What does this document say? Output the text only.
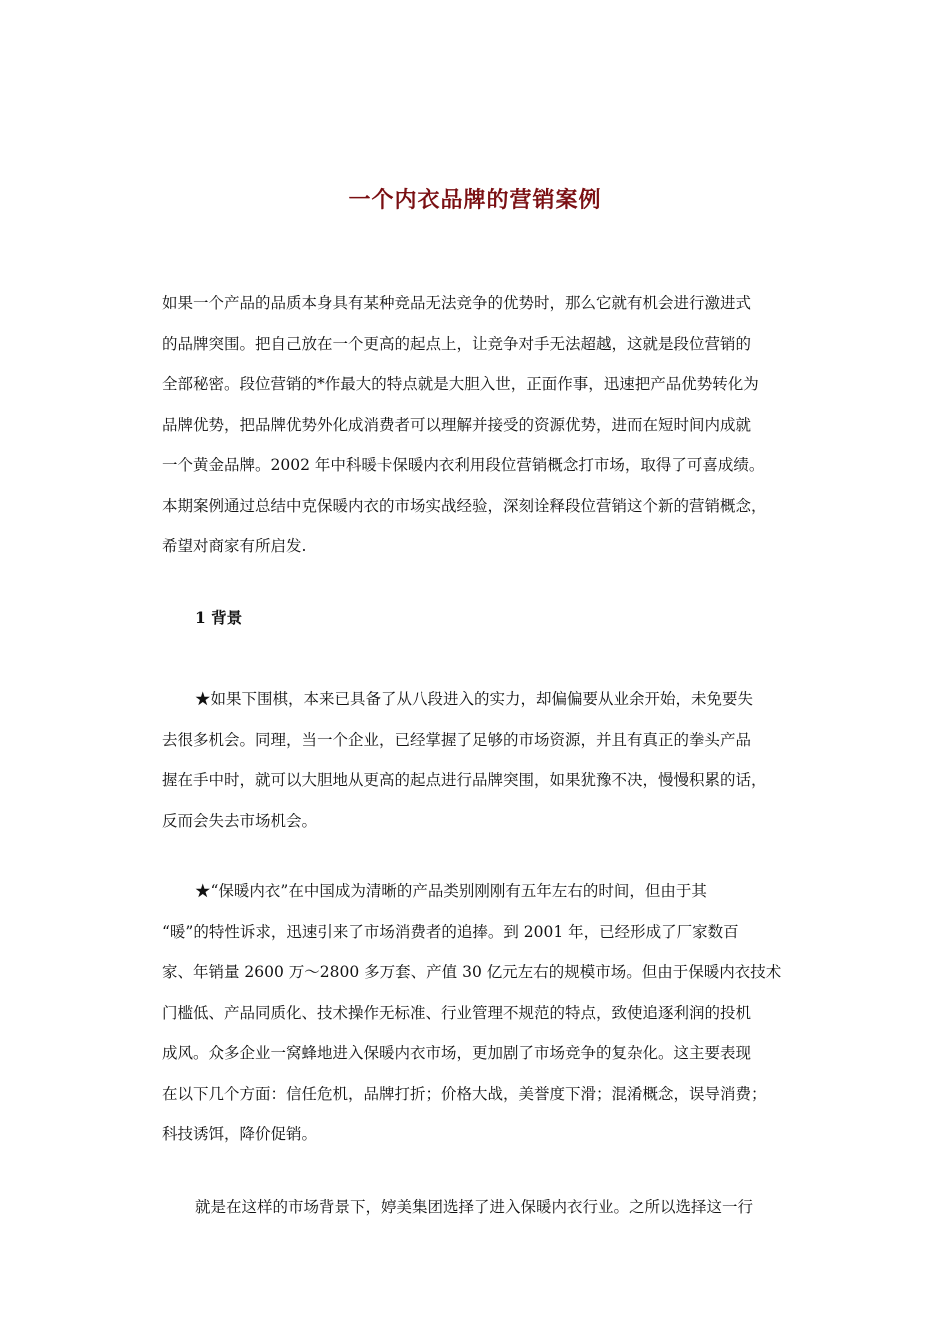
一个内衣品牌的营销案例
如果一个产品的品质本身具有某种竞品无法竞争的优势时，那么它就有机会进行激进式
的品牌突围。把自己放在一个更高的起点上，让竞争对手无法超越，这就是段位营销的
全部秘密。段位营销的*作最大的特点就是大胆入世，正面作事，迅速把产品优势转化为
品牌优势，把品牌优势外化成消费者可以理解并接受的资源优势，进而在短时间内成就
一个黄金品牌。2002 年中科暖卡保暖内衣利用段位营销概念打市场，取得了可喜成绩。
本期案例通过总结中克保暖内衣的市场实战经验，深刻诠释段位营销这个新的营销概念，
希望对商家有所启发.
1 背景
★如果下围棋，本来已具备了从八段进入的实力，却偏偏要从业余开始，未免要失
去很多机会。同理，当一个企业，已经掌握了足够的市场资源，并且有真正的拳头产品
握在手中时，就可以大胆地从更高的起点进行品牌突围，如果犹豫不决，慢慢积累的话，
反而会失去市场机会。
★“保暖内衣”在中国成为清晰的产品类别刚刚有五年左右的时间，但由于其
“暖”的特性诉求，迅速引来了市场消费者的追捧。到 2001 年，已经形成了厂家数百
家、年销量 2600 万～2800 多万套、产值 30 亿元左右的规模市场。但由于保暖内衣技术
门槛低、产品同质化、技术操作无标准、行业管理不规范的特点，致使追逐利润的投机
成风。众多企业一窝蜂地进入保暖内衣市场，更加剧了市场竞争的复杂化。这主要表现
在以下几个方面：信任危机，品牌打折；价格大战，美誉度下滑；混淆概念，误导消费；
科技诱饵，降价促销。
就是在这样的市场背景下，婷美集团选择了进入保暖内衣行业。之所以选择这一行
